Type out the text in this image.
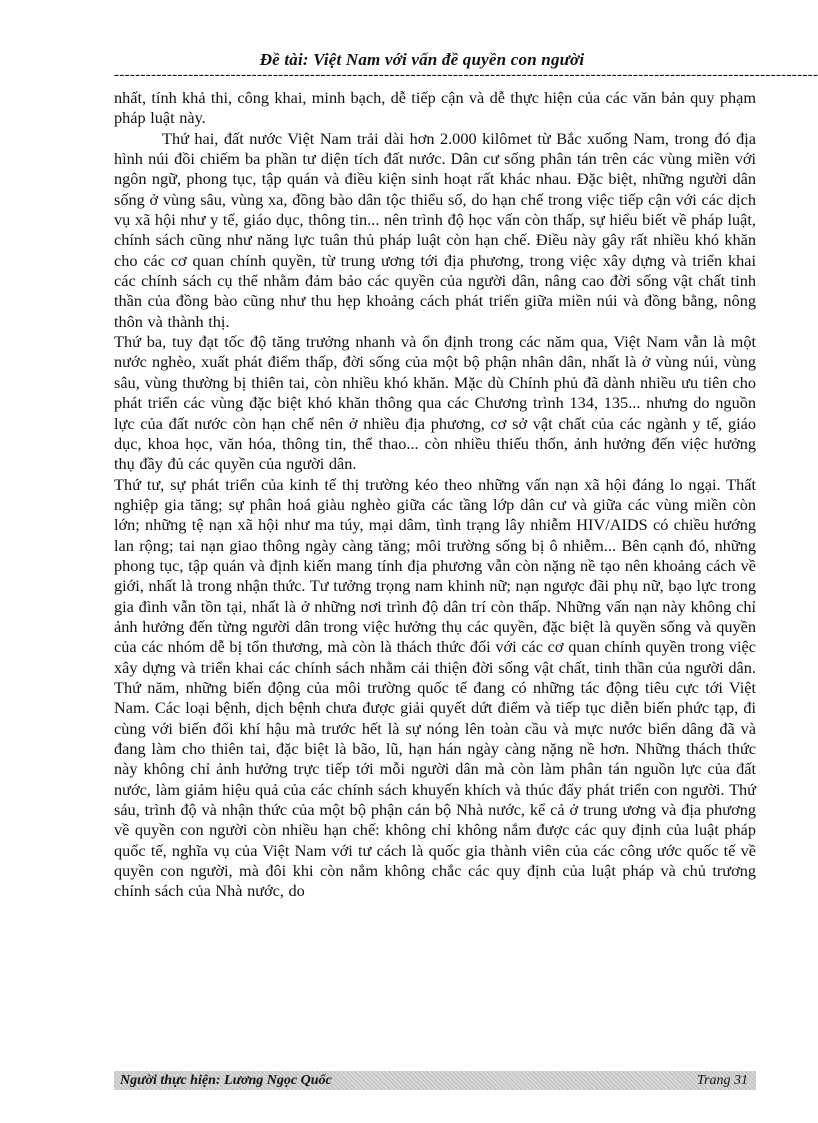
Đề tài: Việt Nam với vấn đề quyền con người
-------------------------------------------------------------------------------------------------------------------------------------

nhất, tính khả thi, công khai, minh bạch, dễ tiếp cận và dễ thực hiện của các văn bản quy phạm pháp luật này.

Thứ hai, đất nước Việt Nam trải dài hơn 2.000 kilômet từ Bắc xuống Nam, trong đó địa hình núi đồi chiếm ba phần tư diện tích đất nước. Dân cư sống phân tán trên các vùng miền với ngôn ngữ, phong tục, tập quán và điều kiện sinh hoạt rất khác nhau. Đặc biệt, những người dân sống ở vùng sâu, vùng xa, đồng bào dân tộc thiểu số, do hạn chế trong việc tiếp cận với các dịch vụ xã hội như y tế, giáo dục, thông tin... nên trình độ học vấn còn thấp, sự hiểu biết về pháp luật, chính sách cũng như năng lực tuân thủ pháp luật còn hạn chế. Điều này gây rất nhiều khó khăn cho các cơ quan chính quyền, từ trung ương tới địa phương, trong việc xây dựng và triển khai các chính sách cụ thể nhằm đảm bảo các quyền của người dân, nâng cao đời sống vật chất tinh thần của đồng bào cũng như thu hẹp khoảng cách phát triển giữa miền núi và đồng bằng, nông thôn và thành thị.

Thứ ba, tuy đạt tốc độ tăng trưởng nhanh và ổn định trong các năm qua, Việt Nam vẫn là một nước nghèo, xuất phát điểm thấp, đời sống của một bộ phận nhân dân, nhất là ở vùng núi, vùng sâu, vùng thường bị thiên tai, còn nhiều khó khăn. Mặc dù Chính phủ đã dành nhiều ưu tiên cho phát triển các vùng đặc biệt khó khăn thông qua các Chương trình 134, 135... nhưng do nguồn lực của đất nước còn hạn chế nên ở nhiều địa phương, cơ sở vật chất của các ngành y tế, giáo dục, khoa học, văn hóa, thông tin, thể thao... còn nhiều thiếu thốn, ảnh hưởng đến việc hưởng thụ đầy đủ các quyền của người dân.

Thứ tư, sự phát triển của kinh tế thị trường kéo theo những vấn nạn xã hội đáng lo ngại. Thất nghiệp gia tăng; sự phân hoá giàu nghèo giữa các tầng lớp dân cư và giữa các vùng miền còn lớn; những tệ nạn xã hội như ma túy, mại dâm, tình trạng lây nhiễm HIV/AIDS có chiều hướng lan rộng; tai nạn giao thông ngày càng tăng; môi trường sống bị ô nhiễm... Bên cạnh đó, những phong tục, tập quán và định kiến mang tính địa phương vẫn còn nặng nề tạo nên khoảng cách về giới, nhất là trong nhận thức. Tư tưởng trọng nam khinh nữ; nạn ngược đãi phụ nữ, bạo lực trong gia đình vẫn tồn tại, nhất là ở những nơi trình độ dân trí còn thấp. Những vấn nạn này không chỉ ảnh hưởng đến từng người dân trong việc hưởng thụ các quyền, đặc biệt là quyền sống và quyền của các nhóm dễ bị tổn thương, mà còn là thách thức đối với các cơ quan chính quyền trong việc xây dựng và triển khai các chính sách nhằm cải thiện đời sống vật chất, tinh thần của người dân. Thứ năm, những biến động của môi trường quốc tế đang có những tác động tiêu cực tới Việt Nam. Các loại bệnh, dịch bệnh chưa được giải quyết dứt điểm và tiếp tục diễn biến phức tạp, đi cùng với biến đổi khí hậu mà trước hết là sự nóng lên toàn cầu và mực nước biển dâng đã và đang làm cho thiên tai, đặc biệt là bão, lũ, hạn hán ngày càng nặng nề hơn. Những thách thức này không chỉ ảnh hưởng trực tiếp tới mỗi người dân mà còn làm phân tán nguồn lực của đất nước, làm giảm hiệu quả của các chính sách khuyến khích và thúc đẩy phát triển con người. Thứ sáu, trình độ và nhận thức của một bộ phận cán bộ Nhà nước, kể cả ở trung ương và địa phương về quyền con người còn nhiều hạn chế: không chỉ không nắm được các quy định của luật pháp quốc tế, nghĩa vụ của Việt Nam với tư cách là quốc gia thành viên của các công ước quốc tế về quyền con người, mà đôi khi còn nắm không chắc các quy định của luật pháp và chủ trương chính sách của Nhà nước, do

Người thực hiện: Lương Ngọc Quốc	Trang 31
